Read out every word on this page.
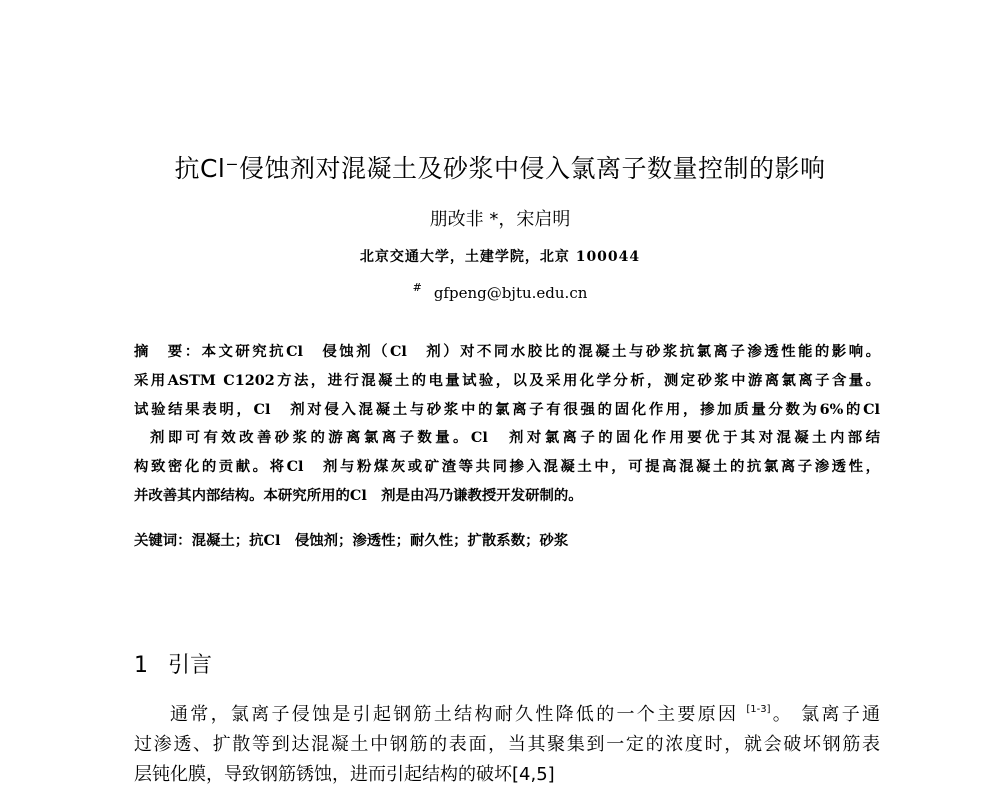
抗Cl⁻侵蚀剂对混凝土及砂浆中侵入氯离子数量控制的影响
朋改非 *，宋启明
北京交通大学，土建学院，北京 100044
# gfpeng@bjtu.edu.cn
摘　要：本文研究抗Cl　侵蚀剂（Cl　剂）对不同水胶比的混凝土与砂浆抗氯离子渗透性能的影响。
采用ASTM C1202方法，进行混凝土的电量试验，以及采用化学分析，测定砂浆中游离氯离子含量。
试验结果表明，Cl　剂对侵入混凝土与砂浆中的氯离子有很强的固化作用，掺加质量分数为6%的Cl
剂即可有效改善砂浆的游离氯离子数量。Cl　剂对氯离子的固化作用要优于其对混凝土内部结
构致密化的贡献。将Cl　剂与粉煤灰或矿渣等共同掺入混凝土中，可提高混凝土的抗氯离子渗透性，
并改善其内部结构。本研究所用的Cl　剂是由冯乃谦教授开发研制的。
关键词：混凝土；抗Cl　侵蚀剂；渗透性；耐久性；扩散系数；砂浆
1 引言
通常，氯离子侵蚀是引起钢筋土结构耐久性降低的一个主要原因 [1-3]。 氯离子通
过渗透、扩散等到达混凝土中钢筋的表面，当其聚集到一定的浓度时，就会破坏钢筋表
层钝化膜，导致钢筋锈蚀，进而引起结构的破坏[4,5]
